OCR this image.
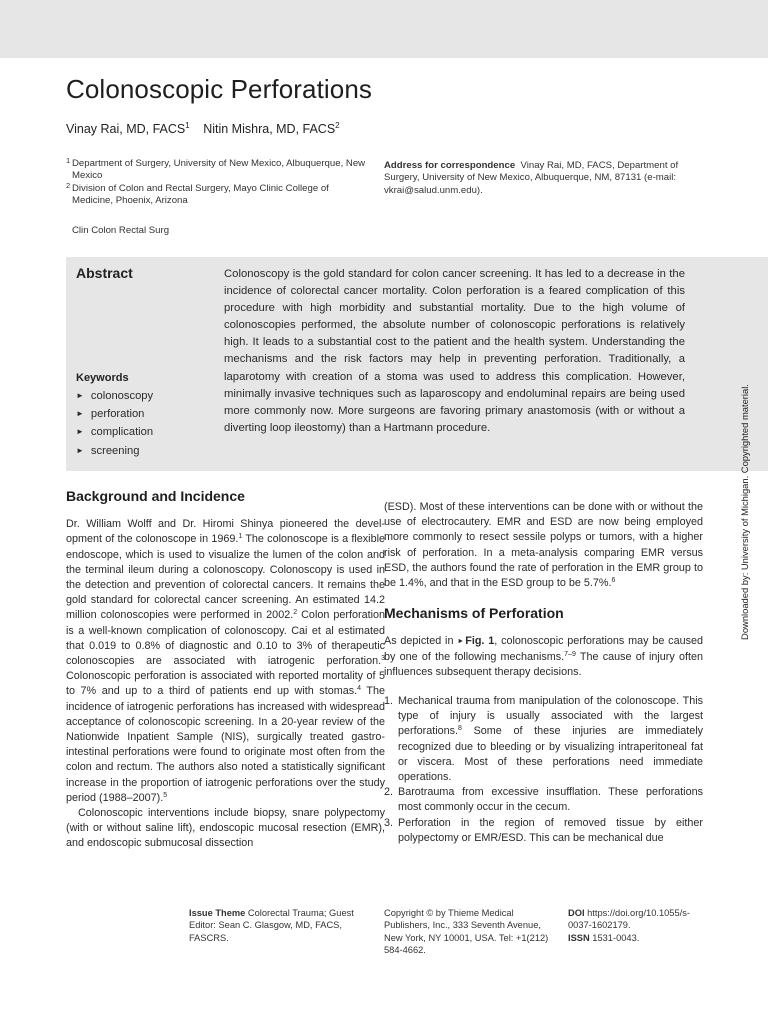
Colonoscopic Perforations
Vinay Rai, MD, FACS$^1$ Nitin Mishra, MD, FACS$^2$
1 Department of Surgery, University of New Mexico, Albuquerque, New Mexico
2 Division of Colon and Rectal Surgery, Mayo Clinic College of Medicine, Phoenix, Arizona
Address for correspondence Vinay Rai, MD, FACS, Department of Surgery, University of New Mexico, Albuquerque, NM, 87131 (e-mail: vkrai@salud.unm.edu).
Clin Colon Rectal Surg
Abstract	Colonoscopy is the gold standard for colon cancer screening. It has led to a decrease in the incidence of colorectal cancer mortality. Colon perforation is a feared complication of this procedure with high morbidity and substantial mortality. Due to the high volume of colonoscopies performed, the absolute number of colonoscopic perforations is relatively high. It leads to a substantial cost to the patient and the health system. Understanding the mechanisms and the risk factors may help in preventing perforation. Traditionally, a laparotomy with creation of a stoma was used to address this complication. However, minimally invasive techniques such as laparoscopy and endoluminal repairs are being used more commonly now. More surgeons are favoring primary anastomosis (with or without a diverting loop ileostomy) than a Hartmann procedure.

Keywords
► colonoscopy
► perforation
► complication
► screening	Downloaded by: University of Michigan. Copyrighted material.
Background and Incidence

Dr. William Wolff and Dr. Hiromi Shinya pioneered the development of the colonoscope in 1969.$^1$ The colonoscope is a flexible endoscope, which is used to visualize the lumen of the colon and the terminal ileum during a colonoscopy. Colonoscopy is used in the detection and prevention of colorectal cancers. It remains the gold standard for colorectal cancer screening. An estimated 14.2 million colonoscopies were performed in 2002.$^2$ Colon perforation is a well-known complication of colonoscopy. Cai et al estimated that 0.019 to 0.8% of diagnostic and 0.10 to 3% of therapeutic colonoscopies are associated with iatrogenic perforation.$^3$ Colonoscopic perforation is associated with reported mortality of 5 to 7% and up to a third of patients end up with stomas.$^4$ The incidence of iatrogenic perforations has increased with widespread acceptance of colonoscopic screening. In a 20-year review of the Nationwide Inpatient Sample (NIS), surgically treated gastrointestinal perforations were found to originate most often from the colon and rectum. The authors also noted a statistically significant increase in the proportion of iatrogenic perforations over the study period (1988–2007).$^5$

Colonoscopic interventions include biopsy, snare polypectomy (with or without saline lift), endoscopic mucosal resection (EMR), and endoscopic submucosal dissection

(ESD). Most of these interventions can be done with or without the use of electrocautery. EMR and ESD are now being employed more commonly to resect sessile polyps or tumors, with a higher risk of perforation. In a meta-analysis comparing EMR versus ESD, the authors found the rate of perforation in the EMR group to be 1.4%, and that in the ESD group to be 5.7%.$^6$

Mechanisms of Perforation

As depicted in ► Fig. 1, colonoscopic perforations may be caused by one of the following mechanisms.$^{7-9}$ The cause of injury often influences subsequent therapy decisions.

1. Mechanical trauma from manipulation of the colonoscope. This type of injury is usually associated with the largest perforations.$^8$ Some of these injuries are immediately recognized due to bleeding or by visualizing intraperitoneal fat or viscera. Most of these perforations need immediate operations.
2. Barotrauma from excessive insufflation. These perforations most commonly occur in the cecum.
3. Perforation in the region of removed tissue by either polypectomy or EMR/ESD. This can be mechanical due
Issue Theme Colorectal Trauma; Guest Editor: Sean C. Glasgow, MD, FACS, FASCRS.
Copyright © by Thieme Medical Publishers, Inc., 333 Seventh Avenue, New York, NY 10001, USA. Tel: +1(212) 584-4662.
DOI https://doi.org/10.1055/s-0037-1602179.
ISSN 1531-0043.
